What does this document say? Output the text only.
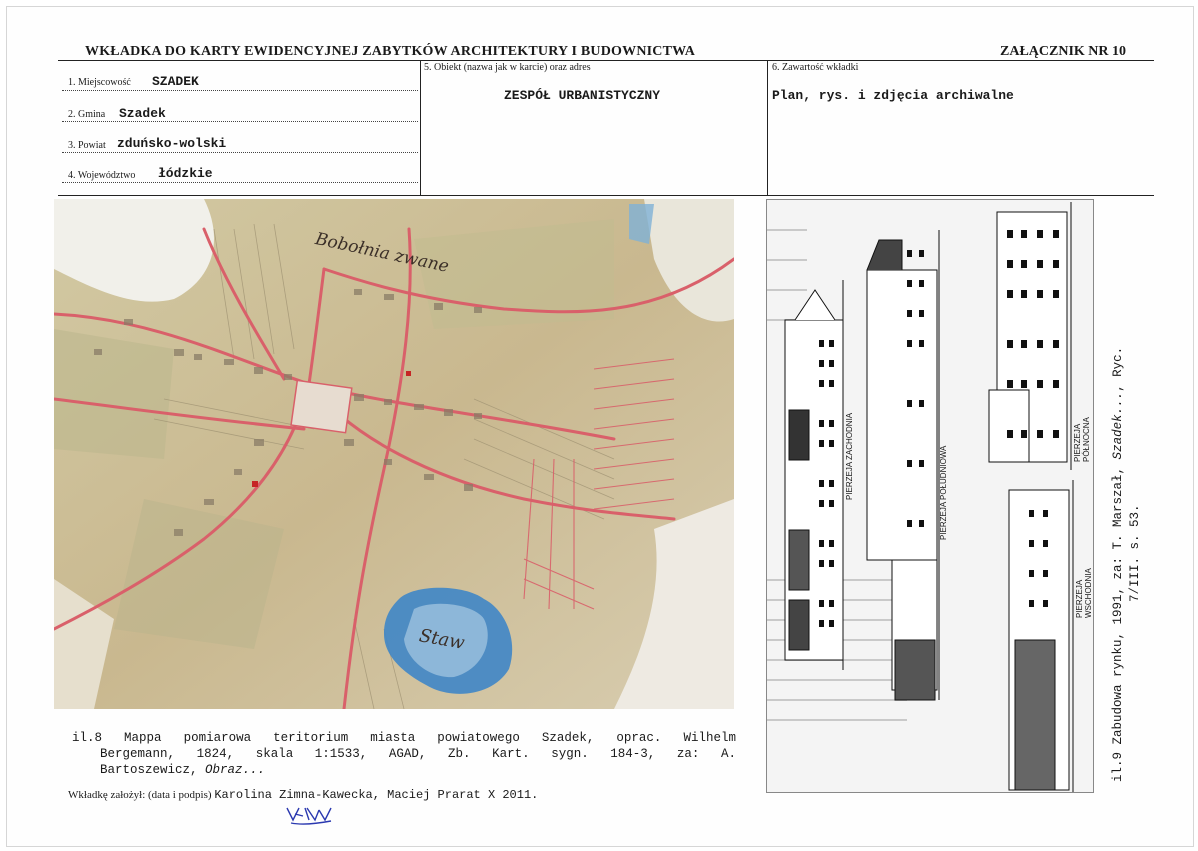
WKŁADKA DO KARTY EWIDENCYJNEJ ZABYTKÓW ARCHITEKTURY I BUDOWNICTWA	ZAŁĄCZNIK NR 10
1. Miejscowość SZADEK
2. Gmina Szadek
3. Powiat zduńsko-wolski
4. Województwo łódzkie
5. Obiekt (nazwa jak w karcie) oraz adres
ZESPÓŁ URBANISTYCZNY
6. Zawartość wkładki
Plan, rys. i zdjęcia archiwalne
Bobołnia zwane
Staw
PIERZEJA ZACHODNIA	PIERZEJA POŁUDNIOWA
PIERZEJA PÓŁNOCNA
PIERZEJA WSCHODNIA
il.8 Mappa pomiarowa teritorium miasta powiatowego Szadek, oprac. Wilhelm
Bergemann, 1824, skala 1:1533, AGAD, Zb. Kart. sygn. 184-3, za: A.
Bartoszewicz, Obraz...	il.9 Zabudowa rynku, 1991, za: T. Marszał, Szadek..., Ryc.
7/III. s. 53.
Wkładkę założył: (data i podpis) Karolina Zimna-Kawecka, Maciej Prarat X 2011.
